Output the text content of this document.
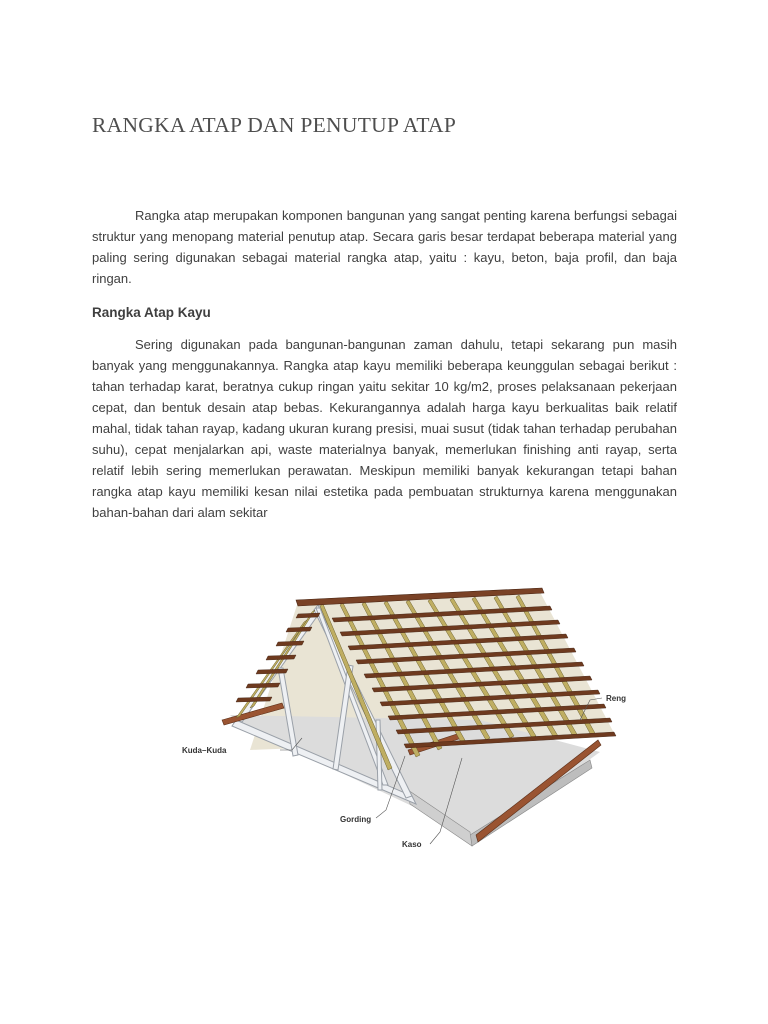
RANGKA ATAP DAN PENUTUP ATAP

Rangka atap merupakan komponen bangunan yang sangat penting karena berfungsi sebagai struktur yang menopang material penutup atap. Secara garis besar terdapat beberapa material yang paling sering digunakan sebagai material rangka atap, yaitu : kayu, beton, baja profil, dan baja ringan.

Rangka Atap Kayu

Sering digunakan pada bangunan-bangunan zaman dahulu, tetapi sekarang pun masih banyak yang menggunakannya. Rangka atap kayu memiliki beberapa keunggulan sebagai berikut : tahan terhadap karat, beratnya cukup ringan yaitu sekitar 10 kg/m2, proses pelaksanaan pekerjaan cepat, dan bentuk desain atap bebas. Kekurangannya adalah harga kayu berkualitas baik relatif mahal, tidak tahan rayap, kadang ukuran kurang presisi, muai susut (tidak tahan terhadap perubahan suhu), cepat menjalarkan api, waste materialnya banyak, memerlukan finishing anti rayap, serta relatif lebih sering memerlukan perawatan. Meskipun memiliki banyak kekurangan tetapi bahan rangka atap kayu memiliki kesan nilai estetika pada pembuatan strukturnya karena menggunakan bahan-bahan dari alam sekitar

Reng
Kuda–Kuda
Gording
Kaso
